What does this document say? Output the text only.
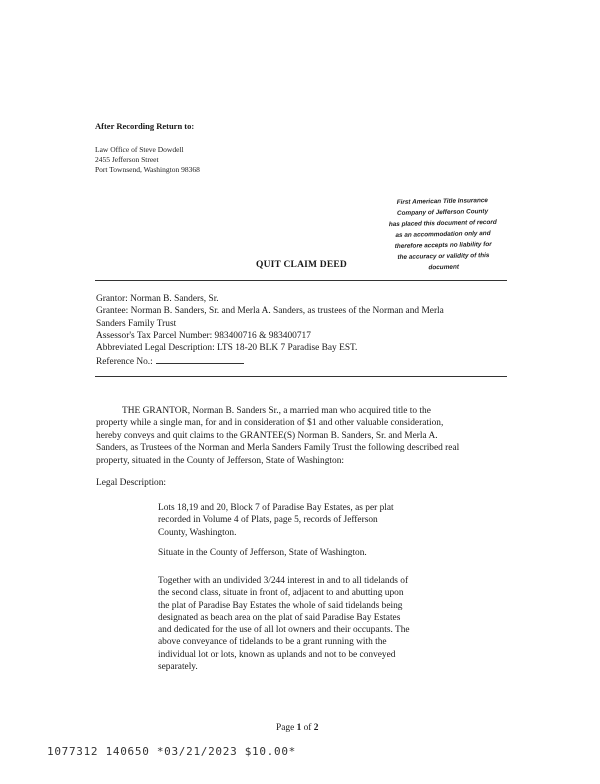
After Recording Return to:
Law Office of Steve Dowdell
2455 Jefferson Street
Port Townsend, Washington 98368
First American Title Insurance
Company of Jefferson County
has placed this document of record
as an accommodation only and
therefore accepts no liability for
the accuracy or validity of this
document
QUIT CLAIM DEED
Grantor: Norman B. Sanders, Sr.
Grantee: Norman B. Sanders, Sr. and Merla A. Sanders, as trustees of the Norman and Merla
Sanders Family Trust
Assessor's Tax Parcel Number: 983400716 & 983400717
Abbreviated Legal Description: LTS 18-20 BLK 7 Paradise Bay EST.
Reference No.:
THE GRANTOR, Norman B. Sanders Sr., a married man who acquired title to the
property while a single man, for and in consideration of $1 and other valuable consideration,
hereby conveys and quit claims to the GRANTEE(S) Norman B. Sanders, Sr. and Merla A.
Sanders, as Trustees of the Norman and Merla Sanders Family Trust the following described real
property, situated in the County of Jefferson, State of Washington:
Legal Description:
Lots 18,19 and 20, Block 7 of Paradise Bay Estates, as per plat
recorded in Volume 4 of Plats, page 5, records of Jefferson
County, Washington.
Situate in the County of Jefferson, State of Washington.
Together with an undivided 3/244 interest in and to all tidelands of
the second class, situate in front of, adjacent to and abutting upon
the plat of Paradise Bay Estates the whole of said tidelands being
designated as beach area on the plat of said Paradise Bay Estates
and dedicated for the use of all lot owners and their occupants. The
above conveyance of tidelands to be a grant running with the
individual lot or lots, known as uplands and not to be conveyed
separately.
Page 1 of 2
1077312 140650 *03/21/2023 $10.00*
